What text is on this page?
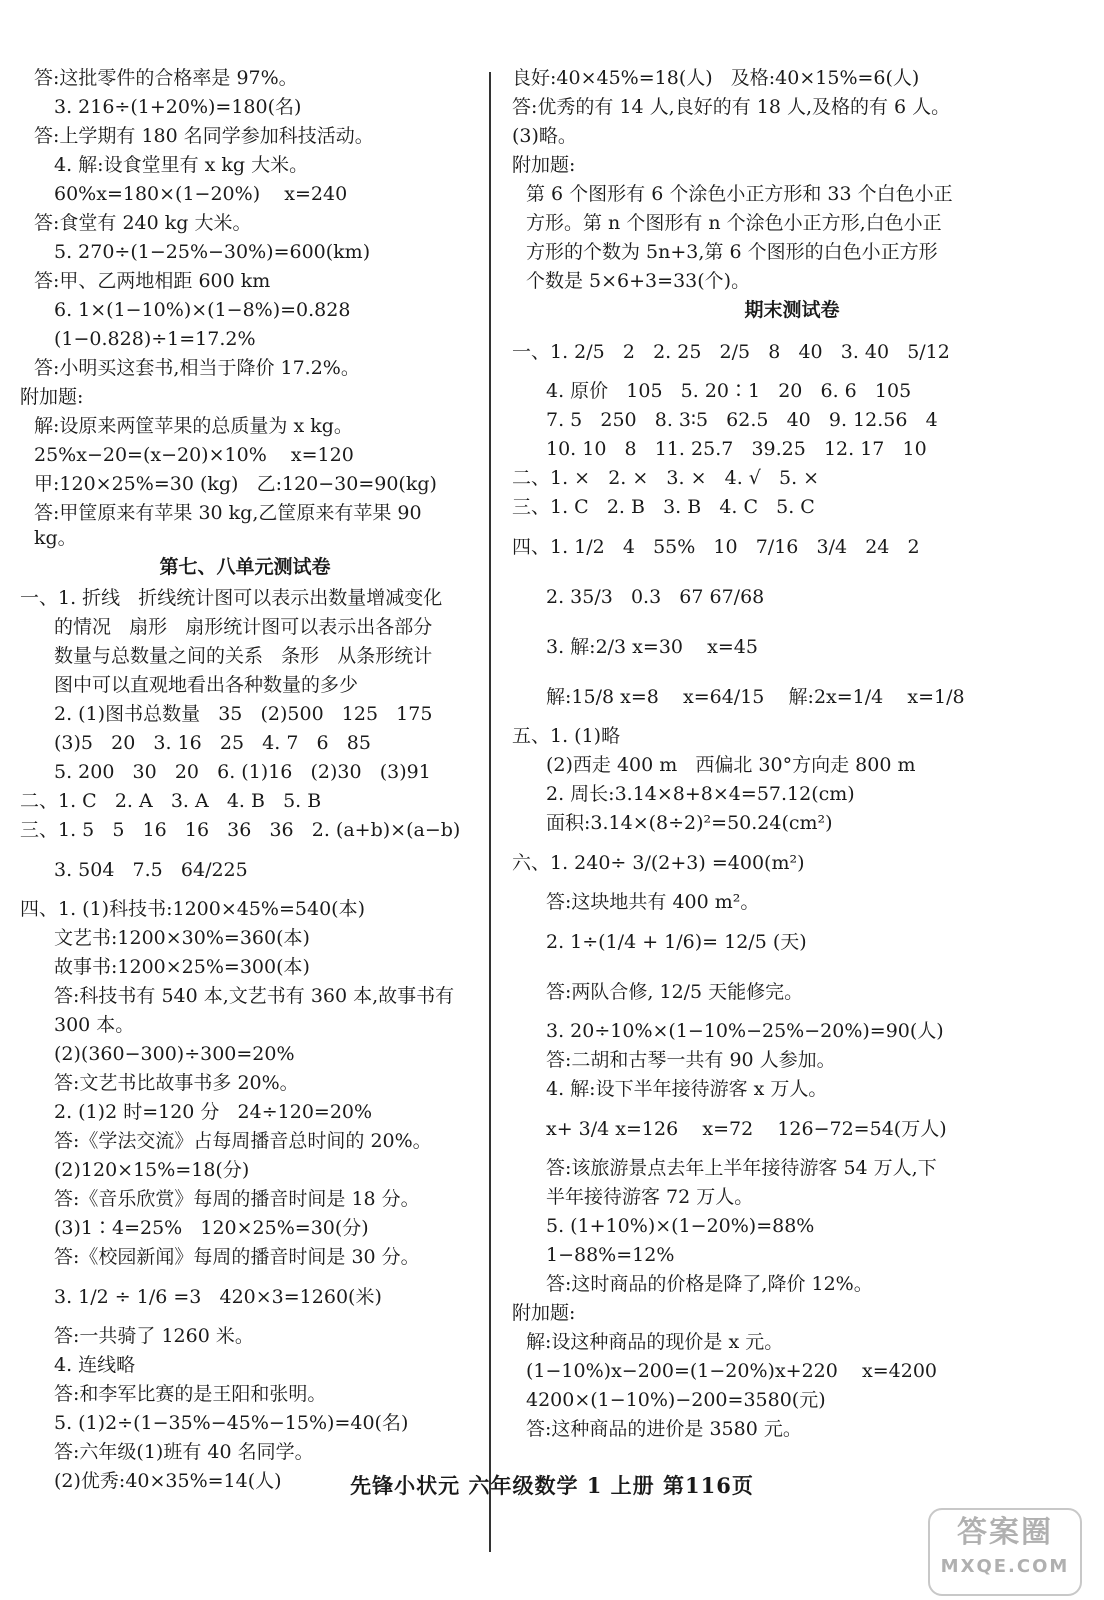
答:这批零件的合格率是 97%。
3. 216÷(1+20%)=180(名)
答:上学期有 180 名同学参加科技活动。
4. 解:设食堂里有 x kg 大米。
60%x=180×(1−20%)    x=240
答:食堂有 240 kg 大米。
5. 270÷(1−25%−30%)=600(km)
答:甲、乙两地相距 600 km
6. 1×(1−10%)×(1−8%)=0.828
(1−0.828)÷1=17.2%
答:小明买这套书,相当于降价 17.2%。
附加题:
解:设原来两筐苹果的总质量为 x kg。
25%x−20=(x−20)×10%    x=120
甲:120×25%=30 (kg)   乙:120−30=90(kg)
答:甲筐原来有苹果 30 kg,乙筐原来有苹果 90 kg。
第七、八单元测试卷
一、1. 折线   折线统计图可以表示出数量增减变化
的情况   扇形   扇形统计图可以表示出各部分
数量与总数量之间的关系   条形   从条形统计
图中可以直观地看出各种数量的多少
2. (1)图书总数量   35   (2)500   125   175
(3)5   20   3. 16   25   4. 7   6   85
5. 200   30   20   6. (1)16   (2)30   (3)91
二、1. C   2. A   3. A   4. B   5. B
三、1. 5   5   16   16   36   36   2. (a+b)×(a−b)
3. 504   7.5   64/225
四、1. (1)科技书:1200×45%=540(本)
文艺书:1200×30%=360(本)
故事书:1200×25%=300(本)
答:科技书有 540 本,文艺书有 360 本,故事书有
300 本。
(2)(360−300)÷300=20%
答:文艺书比故事书多 20%。
2. (1)2 时=120 分   24÷120=20%
答:《学法交流》占每周播音总时间的 20%。
(2)120×15%=18(分)
答:《音乐欣赏》每周的播音时间是 18 分。
(3)1∶4=25%   120×25%=30(分)
答:《校园新闻》每周的播音时间是 30 分。
3. 1/2 ÷ 1/6 =3   420×3=1260(米)
答:一共骑了 1260 米。
4. 连线略
答:和李军比赛的是王阳和张明。
5. (1)2÷(1−35%−45%−15%)=40(名)
答:六年级(1)班有 40 名同学。
(2)优秀:40×35%=14(人)
良好:40×45%=18(人)   及格:40×15%=6(人)
答:优秀的有 14 人,良好的有 18 人,及格的有 6 人。
(3)略。
附加题:
第 6 个图形有 6 个涂色小正方形和 33 个白色小正
方形。第 n 个图形有 n 个涂色小正方形,白色小正
方形的个数为 5n+3,第 6 个图形的白色小正方形
个数是 5×6+3=33(个)。
期末测试卷
一、1. 2/5   2   2. 25   2/5   8   40   3. 40   5/12
4. 原价   105   5. 20∶1   20   6. 6   105
7. 5   250   8. 3∶5   62.5   40   9. 12.56   4
10. 10   8   11. 25.7   39.25   12. 17   10
二、1. ×   2. ×   3. ×   4. √   5. ×
三、1. C   2. B   3. B   4. C   5. C
四、1. 1/2   4   55%   10   7/16   3/4   24   2
2. 35/3   0.3   67 67/68
3. 解:2/3 x=30    x=45
解:15/8 x=8    x=64/15    解:2x=1/4    x=1/8
五、1. (1)略
(2)西走 400 m   西偏北 30°方向走 800 m
2. 周长:3.14×8+8×4=57.12(cm)
面积:3.14×(8÷2)²=50.24(cm²)
六、1. 240÷ 3/(2+3) =400(m²)
答:这块地共有 400 m²。
2. 1÷(1/4 + 1/6)= 12/5 (天)
答:两队合修, 12/5 天能修完。
3. 20÷10%×(1−10%−25%−20%)=90(人)
答:二胡和古琴一共有 90 人参加。
4. 解:设下半年接待游客 x 万人。
x+ 3/4 x=126    x=72    126−72=54(万人)
答:该旅游景点去年上半年接待游客 54 万人,下
半年接待游客 72 万人。
5. (1+10%)×(1−20%)=88%
1−88%=12%
答:这时商品的价格是降了,降价 12%。
附加题:
解:设这种商品的现价是 x 元。
(1−10%)x−200=(1−20%)x+220    x=4200
4200×(1−10%)−200=3580(元)
答:这种商品的进价是 3580 元。
先锋小状元 六年级数学 1 上册 第116页
答案圈
MXQE.COM
